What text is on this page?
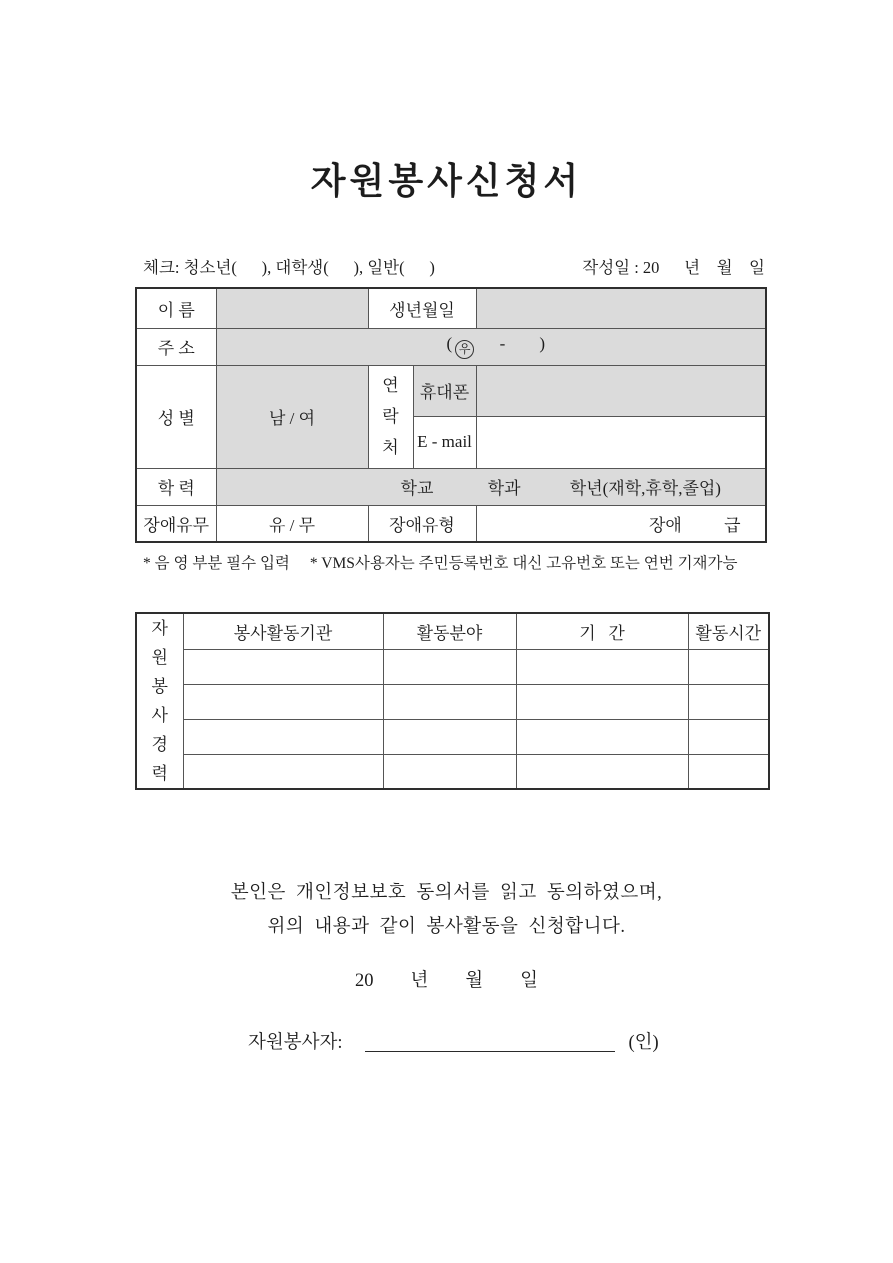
자원봉사신청서
체크: 청소년(      ), 대학생(      ), 일반(      )	작성일 : 20      년    월    일
이 름		생년월일		
주 소	( 우      -        )			
성 별	남 / 여	연
락
처	휴대폰	
			E - mail	
학 력	학교 학과 학년(재학,휴학,졸업)			
장애유무	유 / 무	장애유형		장애 급
* 음 영 부분 필수 입력 * VMS사용자는 주민등록번호 대신 고유번호 또는 연번 기재가능
자
원
봉
사
경
력
	봉사활동기관	활동분야	기   간	활동시간

본인은 개인정보보호 동의서를 읽고 동의하였으며,
위의 내용과 같이 봉사활동을 신청합니다.
20        년        월        일
자원봉사자:	(인)
